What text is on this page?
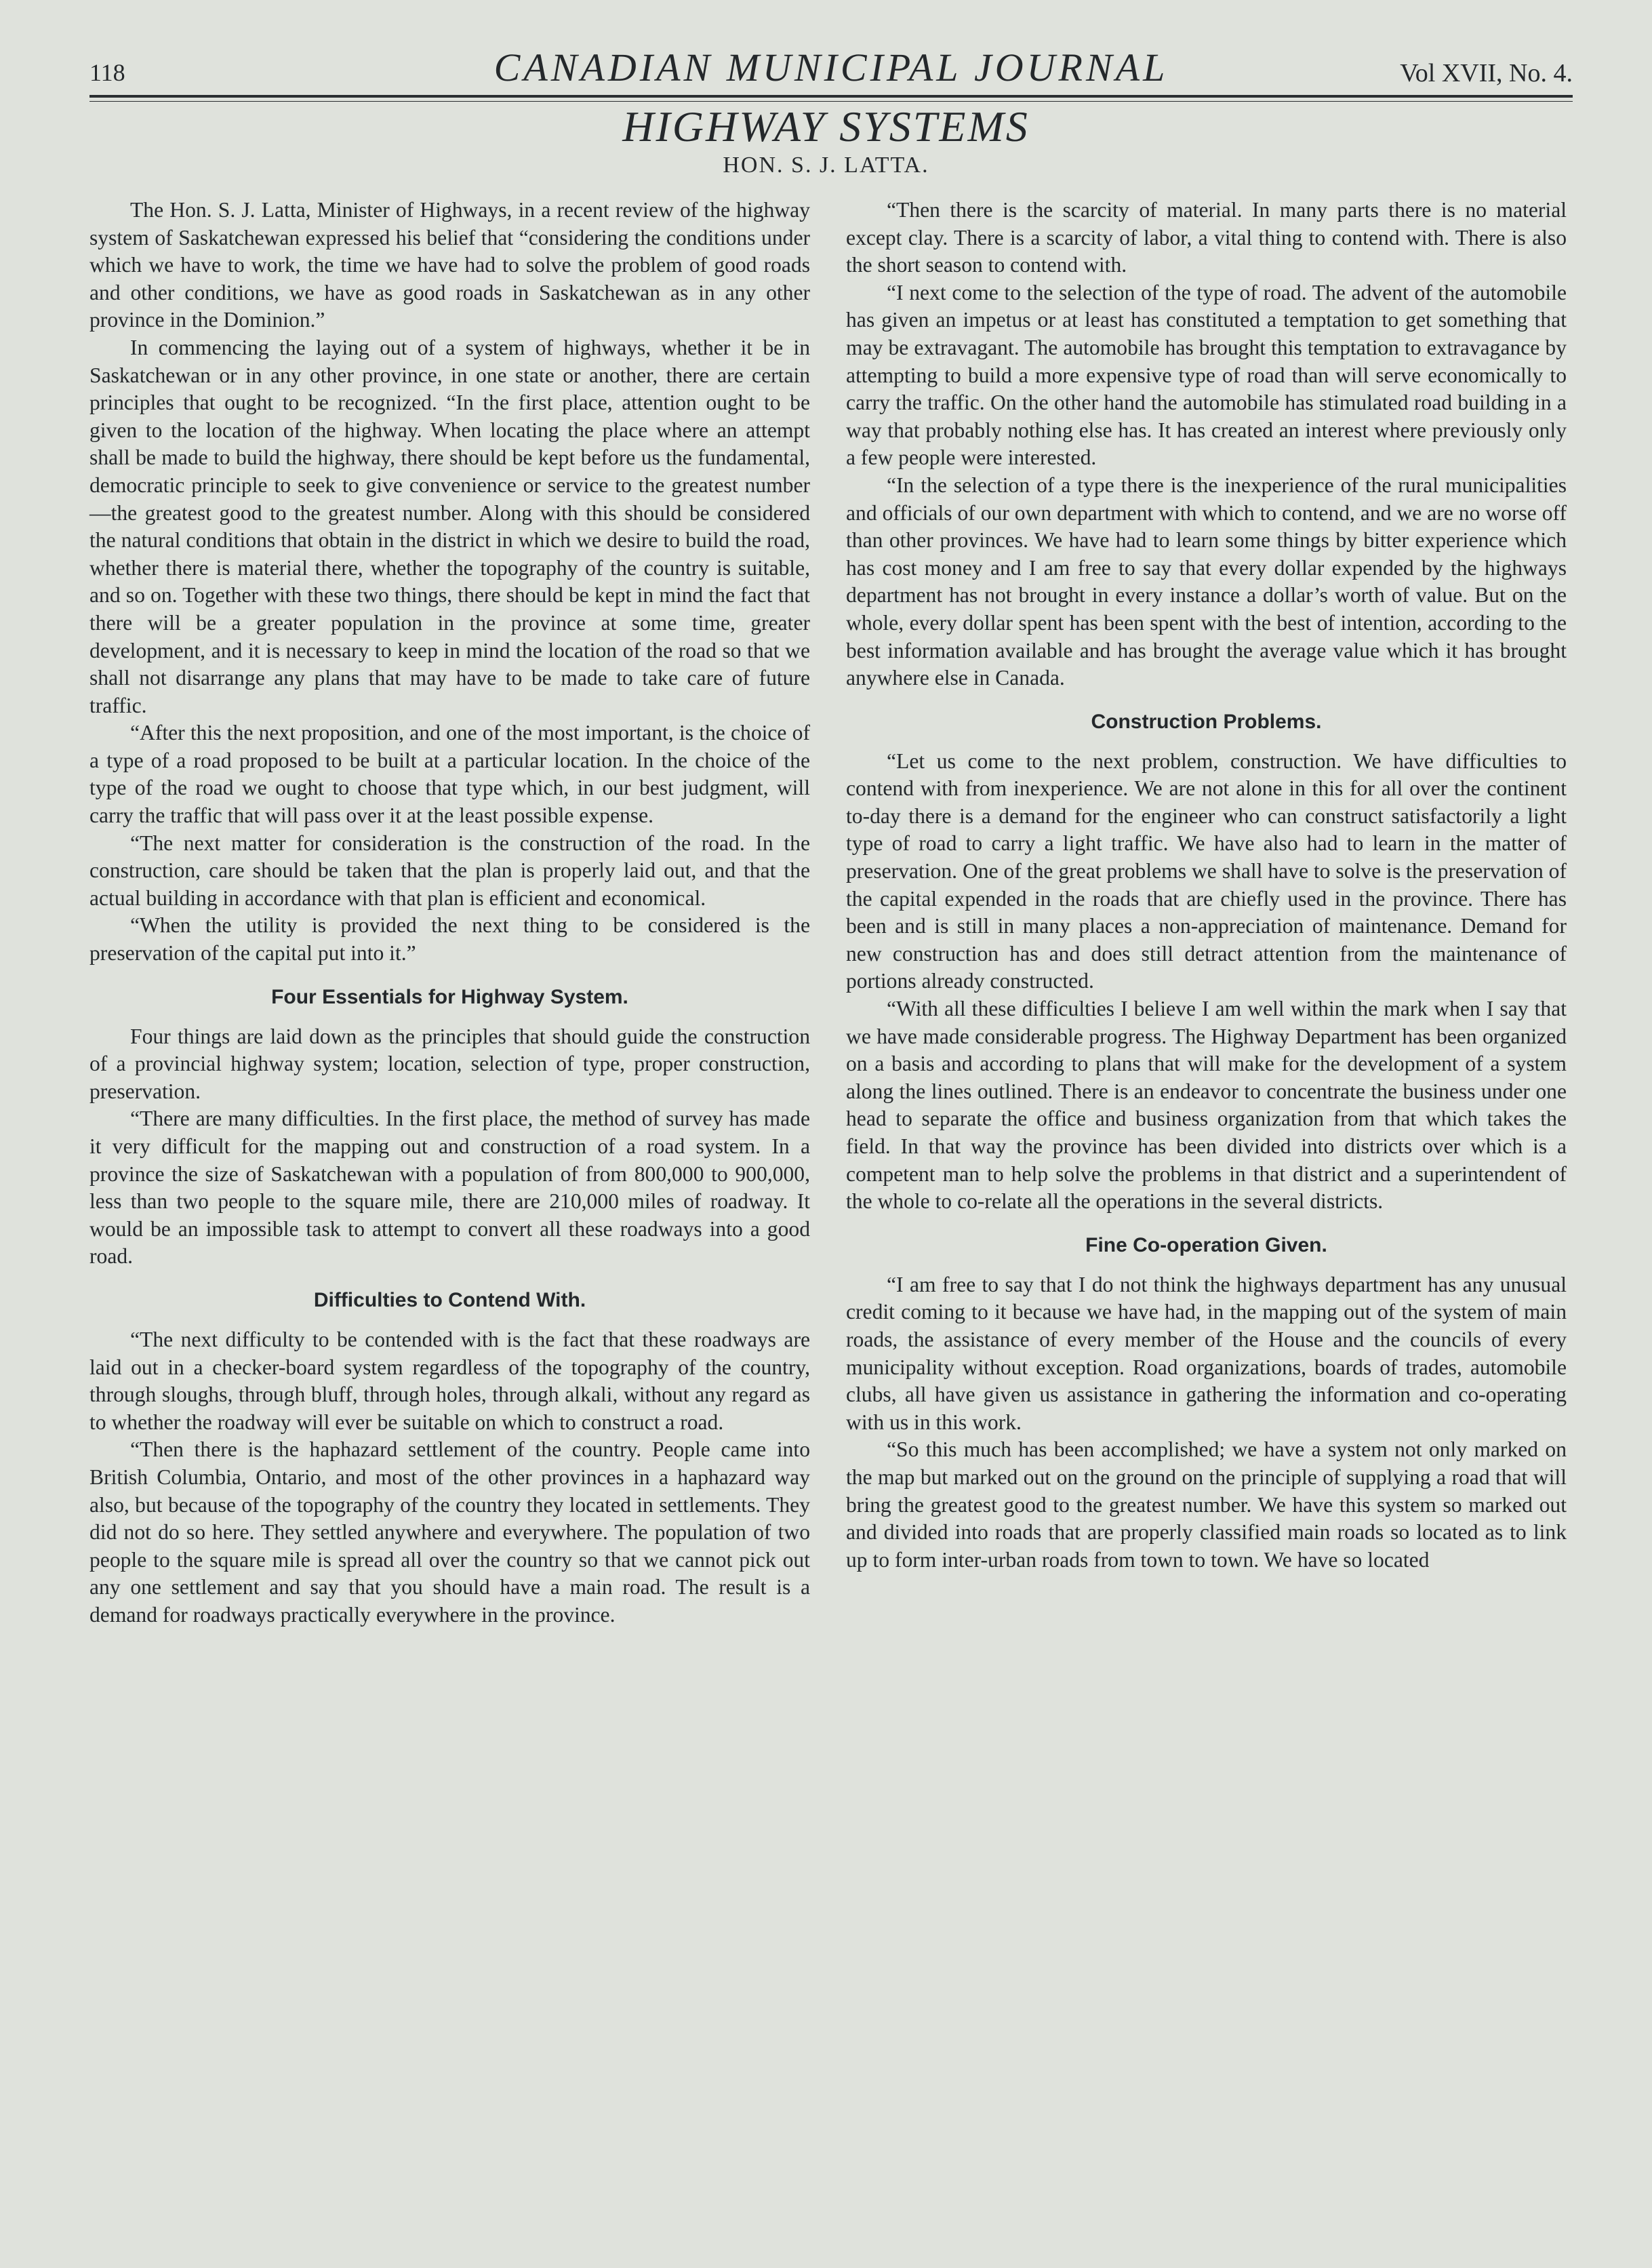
118	CANADIAN MUNICIPAL JOURNAL	Vol XVII, No. 4.
HIGHWAY SYSTEMS
HON. S. J. LATTA.

The Hon. S. J. Latta, Minister of Highways, in a recent review of the highway system of Saskatchewan expressed his belief that “considering the conditions under which we have to work, the time we have had to solve the problem of good roads and other conditions, we have as good roads in Saskatchewan as in any other province in the Dominion.”

In commencing the laying out of a system of highways, whether it be in Saskatchewan or in any other province, in one state or another, there are certain principles that ought to be recognized. “In the first place, attention ought to be given to the location of the highway. When locating the place where an attempt shall be made to build the highway, there should be kept before us the fundamental, democratic principle to seek to give convenience or service to the greatest number—the greatest good to the greatest number. Along with this should be considered the natural conditions that obtain in the district in which we desire to build the road, whether there is material there, whether the topography of the country is suitable, and so on. Together with these two things, there should be kept in mind the fact that there will be a greater population in the province at some time, greater development, and it is necessary to keep in mind the location of the road so that we shall not disarrange any plans that may have to be made to take care of future traffic.

“After this the next proposition, and one of the most important, is the choice of a type of a road proposed to be built at a particular location. In the choice of the type of the road we ought to choose that type which, in our best judgment, will carry the traffic that will pass over it at the least possible expense.

“The next matter for consideration is the construction of the road. In the construction, care should be taken that the plan is properly laid out, and that the actual building in accordance with that plan is efficient and economical.

“When the utility is provided the next thing to be considered is the preservation of the capital put into it.”

Four Essentials for Highway System.

Four things are laid down as the principles that should guide the construction of a provincial highway system; location, selection of type, proper construction, preservation.

“There are many difficulties. In the first place, the method of survey has made it very difficult for the mapping out and construction of a road system. In a province the size of Saskatchewan with a population of from 800,000 to 900,000, less than two people to the square mile, there are 210,000 miles of roadway. It would be an impossible task to attempt to convert all these roadways into a good road.

Difficulties to Contend With.

“The next difficulty to be contended with is the fact that these roadways are laid out in a checker-board system regardless of the topography of the country, through sloughs, through bluff, through holes, through alkali, without any regard as to whether the roadway will ever be suitable on which to construct a road.

“Then there is the haphazard settlement of the country. People came into British Columbia, Ontario, and most of the other provinces in a haphazard way also, but because of the topography of the country they located in settlements. They did not do so here. They settled anywhere and everywhere. The population of two people to the square mile is spread all over the country so that we cannot pick out any one settlement and say that you should have a main road. The result is a demand for roadways practically everywhere in the province.

“Then there is the scarcity of material. In many parts there is no material except clay. There is a scarcity of labor, a vital thing to contend with. There is also the short season to contend with.

“I next come to the selection of the type of road. The advent of the automobile has given an impetus or at least has constituted a temptation to get something that may be extravagant. The automobile has brought this temptation to extravagance by attempting to build a more expensive type of road than will serve economically to carry the traffic. On the other hand the automobile has stimulated road building in a way that probably nothing else has. It has created an interest where previously only a few people were interested.

“In the selection of a type there is the inexperience of the rural municipalities and officials of our own department with which to contend, and we are no worse off than other provinces. We have had to learn some things by bitter experience which has cost money and I am free to say that every dollar expended by the highways department has not brought in every instance a dollar’s worth of value. But on the whole, every dollar spent has been spent with the best of intention, according to the best information available and has brought the average value which it has brought anywhere else in Canada.

Construction Problems.

“Let us come to the next problem, construction. We have difficulties to contend with from inexperience. We are not alone in this for all over the continent to-day there is a demand for the engineer who can construct satisfactorily a light type of road to carry a light traffic. We have also had to learn in the matter of preservation. One of the great problems we shall have to solve is the preservation of the capital expended in the roads that are chiefly used in the province. There has been and is still in many places a non-appreciation of maintenance. Demand for new construction has and does still detract attention from the maintenance of portions already constructed.

“With all these difficulties I believe I am well within the mark when I say that we have made considerable progress. The Highway Department has been organized on a basis and according to plans that will make for the development of a system along the lines outlined. There is an endeavor to concentrate the business under one head to separate the office and business organization from that which takes the field. In that way the province has been divided into districts over which is a competent man to help solve the problems in that district and a superintendent of the whole to co-relate all the operations in the several districts.

Fine Co-operation Given.

“I am free to say that I do not think the highways department has any unusual credit coming to it because we have had, in the mapping out of the system of main roads, the assistance of every member of the House and the councils of every municipality without exception. Road organizations, boards of trades, automobile clubs, all have given us assistance in gathering the information and co-operating with us in this work.

“So this much has been accomplished; we have a system not only marked on the map but marked out on the ground on the principle of supplying a road that will bring the greatest good to the greatest number. We have this system so marked out and divided into roads that are properly classified main roads so located as to link up to form inter-urban roads from town to town. We have so located
